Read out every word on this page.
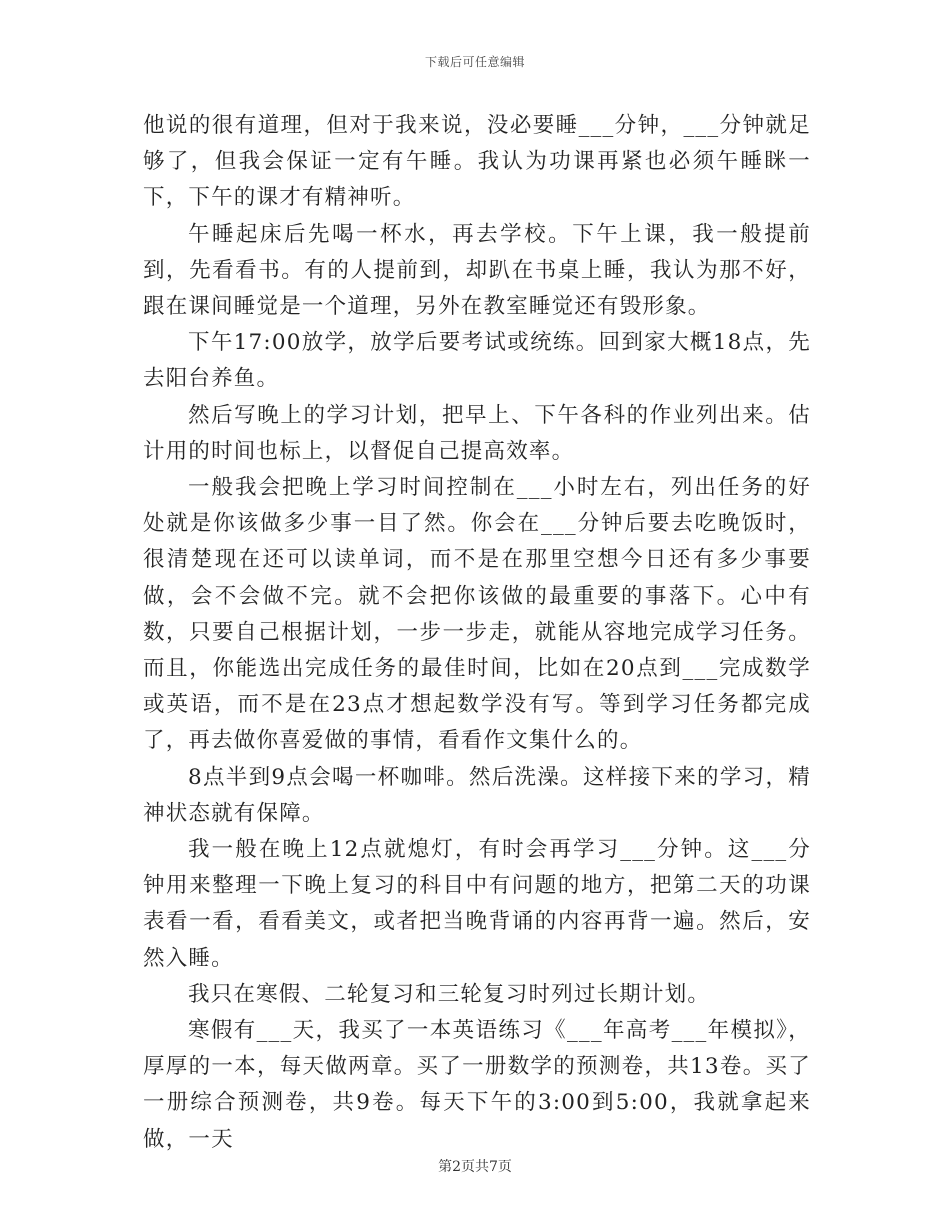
下载后可任意编辑

他说的很有道理，但对于我来说，没必要睡___分钟，___分钟就足够了，但我会保证一定有午睡。我认为功课再紧也必须午睡眯一下，下午的课才有精神听。

午睡起床后先喝一杯水，再去学校。下午上课，我一般提前到，先看看书。有的人提前到，却趴在书桌上睡，我认为那不好，跟在课间睡觉是一个道理，另外在教室睡觉还有毁形象。

下午17:00放学，放学后要考试或统练。回到家大概18点，先去阳台养鱼。

然后写晚上的学习计划，把早上、下午各科的作业列出来。估计用的时间也标上，以督促自己提高效率。

一般我会把晚上学习时间控制在___小时左右，列出任务的好处就是你该做多少事一目了然。你会在___分钟后要去吃晚饭时，很清楚现在还可以读单词，而不是在那里空想今日还有多少事要做，会不会做不完。就不会把你该做的最重要的事落下。心中有数，只要自己根据计划，一步一步走，就能从容地完成学习任务。而且，你能选出完成任务的最佳时间，比如在20点到___完成数学或英语，而不是在23点才想起数学没有写。等到学习任务都完成了，再去做你喜爱做的事情，看看作文集什么的。

8点半到9点会喝一杯咖啡。然后洗澡。这样接下来的学习，精神状态就有保障。

我一般在晚上12点就熄灯，有时会再学习___分钟。这___分钟用来整理一下晚上复习的科目中有问题的地方，把第二天的功课表看一看，看看美文，或者把当晚背诵的内容再背一遍。然后，安然入睡。

我只在寒假、二轮复习和三轮复习时列过长期计划。

寒假有___天，我买了一本英语练习《___年高考___年模拟》，厚厚的一本，每天做两章。买了一册数学的预测卷，共13卷。买了一册综合预测卷，共9卷。每天下午的3:00到5:00，我就拿起来做，一天

第2页共7页
